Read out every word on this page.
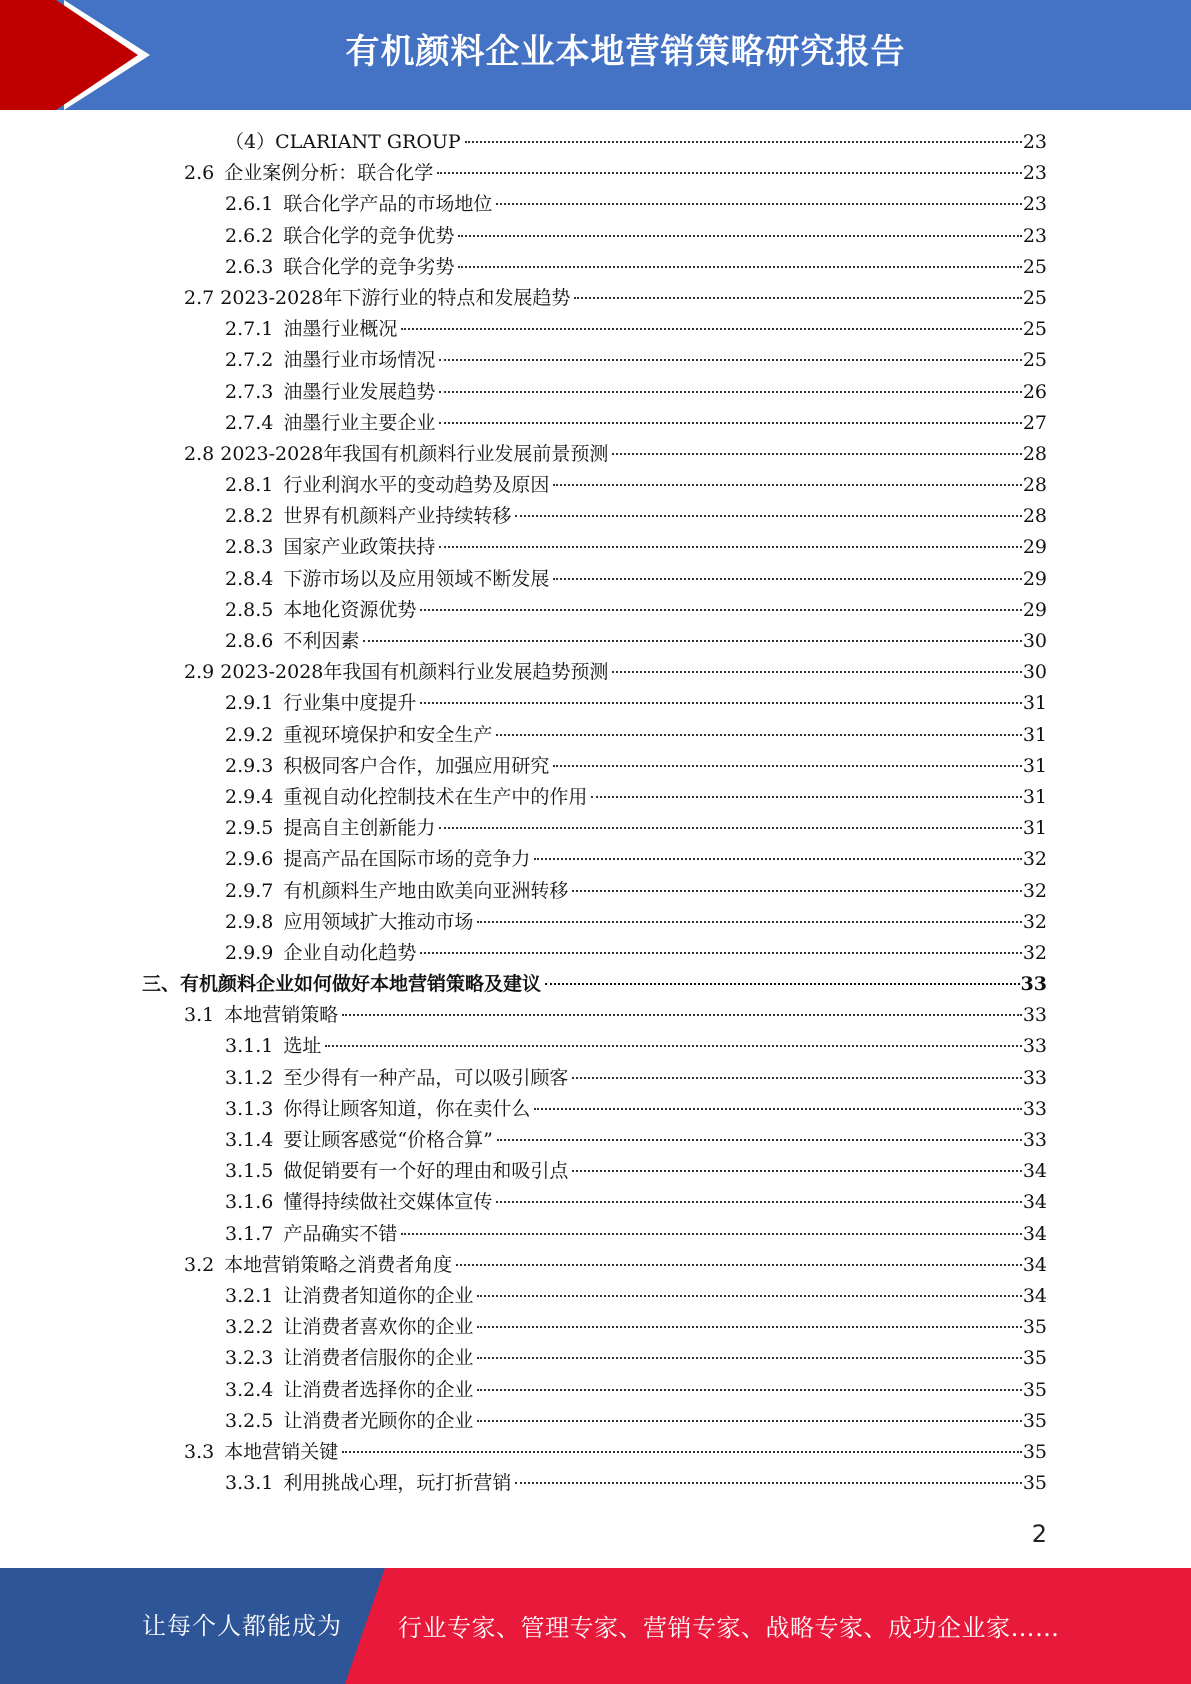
有机颜料企业本地营销策略研究报告
（4） CLARIANT GROUP	23
2.6 企业案例分析：联合化学	23
2.6.1 联合化学产品的市场地位	23
2.6.2 联合化学的竞争优势	23
2.6.3 联合化学的竞争劣势	25
2.7 2023-2028 年下游行业的特点和发展趋势	25
2.7.1 油墨行业概况	25
2.7.2 油墨行业市场情况	25
2.7.3 油墨行业发展趋势	26
2.7.4 油墨行业主要企业	27
2.8 2023-2028 年我国有机颜料行业发展前景预测	28
2.8.1 行业利润水平的变动趋势及原因	28
2.8.2 世界有机颜料产业持续转移	28
2.8.3 国家产业政策扶持	29
2.8.4 下游市场以及应用领域不断发展	29
2.8.5 本地化资源优势	29
2.8.6 不利因素	30
2.9 2023-2028 年我国有机颜料行业发展趋势预测	30
2.9.1 行业集中度提升	31
2.9.2 重视环境保护和安全生产	31
2.9.3 积极同客户合作，加强应用研究	31
2.9.4 重视自动化控制技术在生产中的作用	31
2.9.5 提高自主创新能力	31
2.9.6 提高产品在国际市场的竞争力	32
2.9.7 有机颜料生产地由欧美向亚洲转移	32
2.9.8 应用领域扩大推动市场	32
2.9.9 企业自动化趋势	32
三、 有机颜料企业如何做好本地营销策略及建议	33
3.1 本地营销策略	33
3.1.1 选址	33
3.1.2 至少得有一种产品，可以吸引顾客	33
3.1.3 你得让顾客知道，你在卖什么	33
3.1.4 要让顾客感觉“价格合算”	33
3.1.5 做促销要有一个好的理由和吸引点	34
3.1.6 懂得持续做社交媒体宣传	34
3.1.7 产品确实不错	34
3.2 本地营销策略之消费者角度	34
3.2.1 让消费者知道你的企业	34
3.2.2 让消费者喜欢你的企业	35
3.2.3 让消费者信服你的企业	35
3.2.4 让消费者选择你的企业	35
3.2.5 让消费者光顾你的企业	35
3.3 本地营销关键	35
3.3.1 利用挑战心理，玩打折营销	35
2
让每个人都能成为 行业专家、管理专家、营销专家、战略专家、成功企业家……
